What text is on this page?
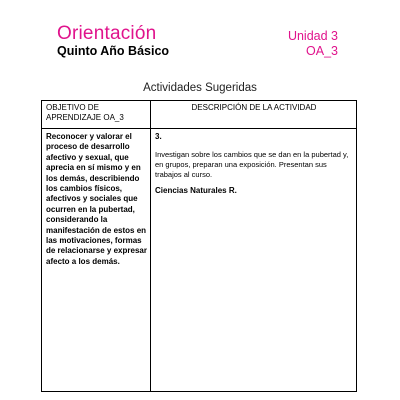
Orientación
Quinto Año Básico
Unidad 3
OA_3
Actividades Sugeridas
OBJETIVO DE APRENDIZAJE OA_3
DESCRIPCIÓN DE LA ACTIVIDAD
Reconocer y valorar el proceso de desarrollo afectivo y sexual, que aprecia en sí mismo y en los demás, describiendo los cambios físicos, afectivos y sociales que ocurren en la pubertad, considerando la manifestación de estos en las motivaciones, formas de relacionarse y expresar afecto a los demás.
3.
Investigan sobre los cambios que se dan en la pubertad y, en grupos, preparan una exposición. Presentan sus trabajos al curso.
Ciencias Naturales R.
